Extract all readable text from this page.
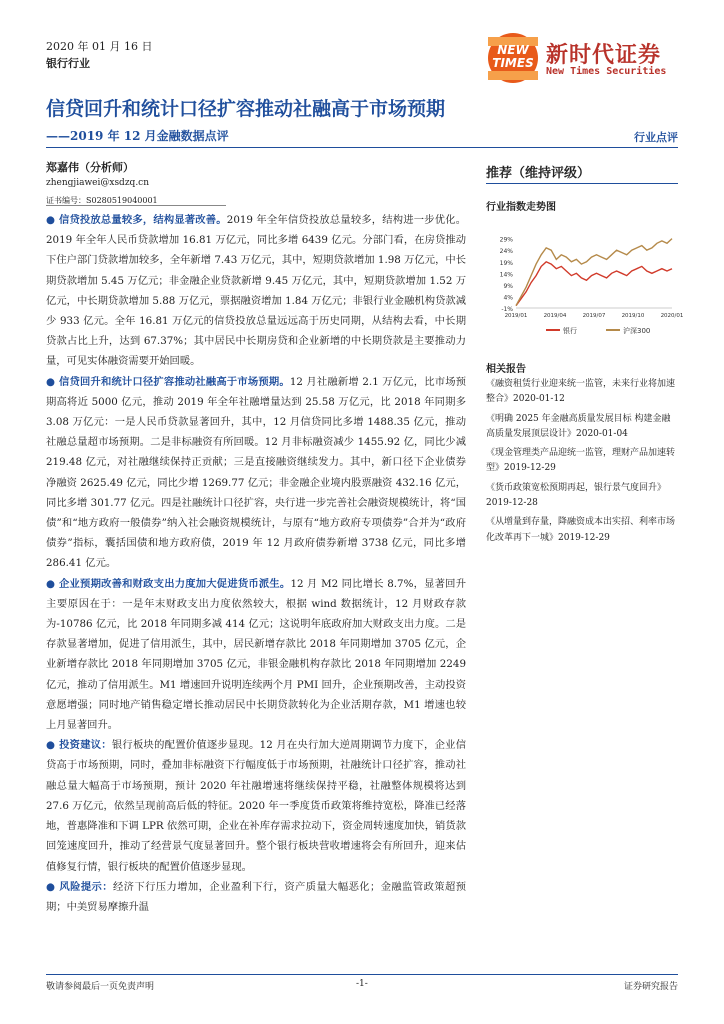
2020 年 01 月 16 日
银行行业
NEW
TIMES 新时代证券
New Times Securities
信贷回升和统计口径扩容推动社融高于市场预期
——2019 年 12 月金融数据点评	行业点评
郑嘉伟（分析师）
zhengjiawei@xsdzq.cn
证书编号：S0280519040001

● 信贷投放总量较多，结构显著改善。2019 年全年信贷投放总量较多，结构进一步优化。2019 年全年人民币贷款增加 16.81 万亿元，同比多增 6439 亿元。分部门看，在房贷推动下住户部门贷款增加较多，全年新增 7.43 万亿元，其中，短期贷款增加 1.98 万亿元，中长期贷款增加 5.45 万亿元；非金融企业贷款新增 9.45 万亿元，其中，短期贷款增加 1.52 万亿元，中长期贷款增加 5.88 万亿元，票据融资增加 1.84 万亿元；非银行业金融机构贷款减少 933 亿元。全年 16.81 万亿元的信贷投放总量远远高于历史同期，从结构去看，中长期贷款占比上升，达到 67.37%；其中居民中长期房贷和企业新增的中长期贷款是主要推动力量，可见实体融资需要开始回暖。

● 信贷回升和统计口径扩容推动社融高于市场预期。12 月社融新增 2.1 万亿元，比市场预期高将近 5000 亿元，推动 2019 年全年社融增量达到 25.58 万亿元，比 2018 年同期多 3.08 万亿元：一是人民币贷款显著回升，其中，12 月信贷同比多增 1488.35 亿元，推动社融总量超市场预期。二是非标融资有所回暖。12 月非标融资减少 1455.92 亿，同比少减 219.48 亿元，对社融继续保持正贡献；三是直接融资继续发力。其中，新口径下企业债券净融资 2625.49 亿元，同比少增 1269.77 亿元；非金融企业境内股票融资 432.16 亿元，同比多增 301.77 亿元。四是社融统计口径扩容，央行进一步完善社会融资规模统计，将“国债”和“地方政府一般债券”纳入社会融资规模统计，与原有“地方政府专项债券”合并为“政府债券”指标，囊括国债和地方政府债，2019 年 12 月政府债券新增 3738 亿元，同比多增 286.41 亿元。

● 企业预期改善和财政支出力度加大促进货币派生。12 月 M2 同比增长 8.7%，显著回升主要原因在于：一是年末财政支出力度依然较大，根据 wind 数据统计，12 月财政存款为-10786 亿元，比 2018 年同期多减 414 亿元；这说明年底政府加大财政支出力度。二是存款显著增加，促进了信用派生，其中，居民新增存款比 2018 年同期增加 3705 亿元，企业新增存款比 2018 年同期增加 3705 亿元，非银金融机构存款比 2018 年同期增加 2249 亿元，推动了信用派生。M1 增速回升说明连续两个月 PMI 回升，企业预期改善，主动投资意愿增强；同时地产销售稳定增长推动居民中长期贷款转化为企业活期存款，M1 增速也较上月显著回升。

● 投资建议：银行板块的配置价值逐步显现。12 月在央行加大逆周期调节力度下，企业信贷高于市场预期，同时，叠加非标融资下行幅度低于市场预期，社融统计口径扩容，推动社融总量大幅高于市场预期，预计 2020 年社融增速将继续保持平稳，社融整体规模将达到 27.6 万亿元，依然呈现前高后低的特征。2020 年一季度货币政策将维持宽松，降准已经落地，普惠降准和下调 LPR 依然可期，企业在补库存需求拉动下，资金周转速度加快，销货款回笼速度回升，推动了经营景气度显著回升。整个银行板块营收增速将会有所回升，迎来估值修复行情，银行板块的配置价值逐步显现。

● 风险提示：经济下行压力增加，企业盈利下行，资产质量大幅恶化；金融监管政策超预期；中美贸易摩擦升温

推荐（维持评级）
行业指数走势图
29%
24%
19%
14%
9%
4%
-1%
2019/01	2019/04	2019/07	2019/10	2020/01
银行	沪深300
相关报告
《融资租赁行业迎来统一监管，未来行业将加速整合》2020-01-12
《明确 2025 年金融高质量发展目标 构建金融高质量发展顶层设计》2020-01-04
《现金管理类产品迎统一监管，理财产品加速转型》2019-12-29
《货币政策宽松预期再起，银行景气度回升》2019-12-28
《从增量到存量，降融资成本出实招、利率市场化改革再下一城》2019-12-29
敬请参阅最后一页免责声明	-1-	证券研究报告
